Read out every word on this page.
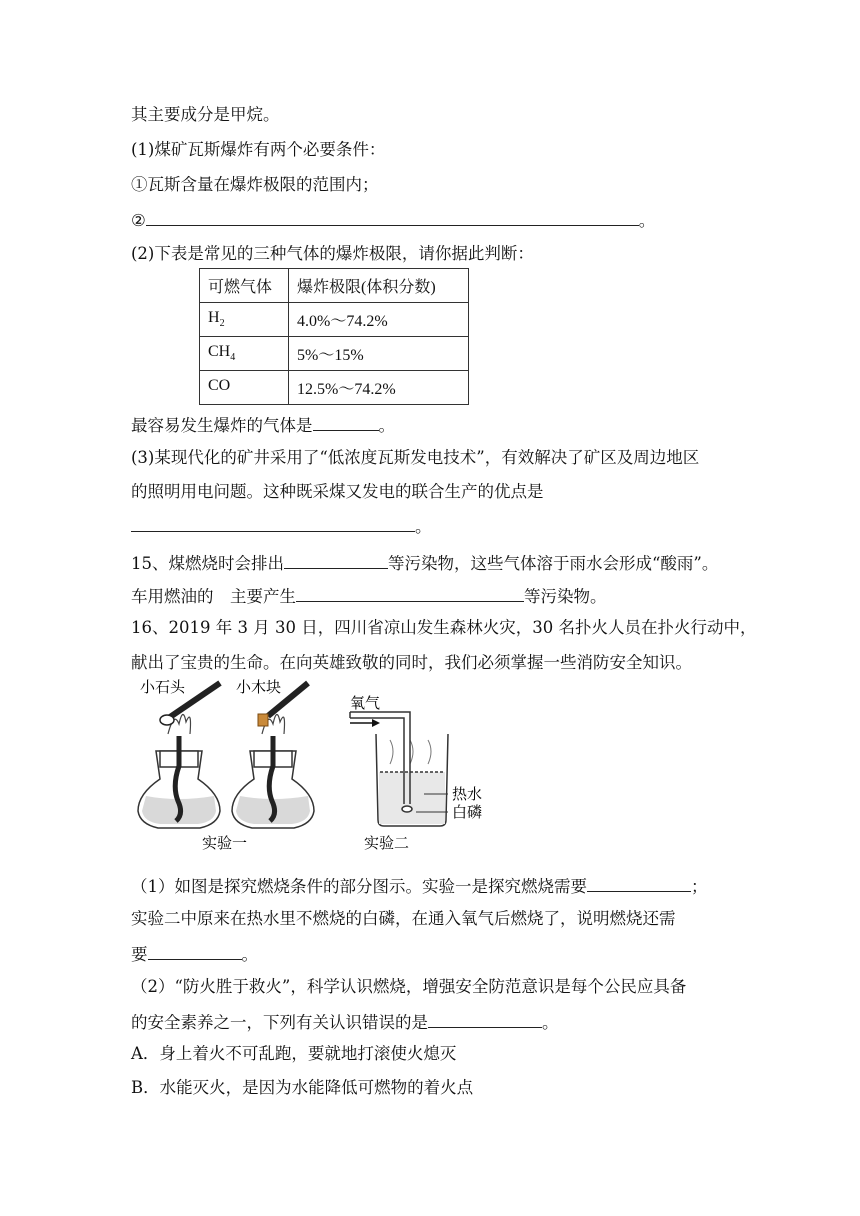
其主要成分是甲烷。
(1)煤矿瓦斯爆炸有两个必要条件：
①瓦斯含量在爆炸极限的范围内；
②	。
(2)下表是常见的三种气体的爆炸极限，请你据此判断：
可燃气体	爆炸极限(体积分数)
$H_2$	4.0%～74.2%
$CH_4$	5%～15%
CO	12.5%～74.2%
最容易发生爆炸的气体是	。
(3)某现代化的矿井采用了“低浓度瓦斯发电技术”，有效解决了矿区及周边地区
的照明用电问题。这种既采煤又发电的联合生产的优点是
。
15、煤燃烧时会排出	等污染物，这些气体溶于雨水会形成“酸雨”。
车用燃油的　主要产生	等污染物。
16、2019 年 3 月 30 日，四川省凉山发生森林火灾，30 名扑火人员在扑火行动中，
献出了宝贵的生命。在向英雄致敬的同时，我们必须掌握一些消防安全知识。
小石头	小木块
氧气
热水
白磷
实验一	实验二
（1）如图是探究燃烧条件的部分图示。实验一是探究燃烧需要	；
实验二中原来在热水里不燃烧的白磷，在通入氧气后燃烧了，说明燃烧还需
要	。
（2）“防火胜于救火”，科学认识燃烧，增强安全防范意识是每个公民应具备
的安全素养之一，下列有关认识错误的是	。
A．身上着火不可乱跑，要就地打滚使火熄灭
B．水能灭火，是因为水能降低可燃物的着火点
